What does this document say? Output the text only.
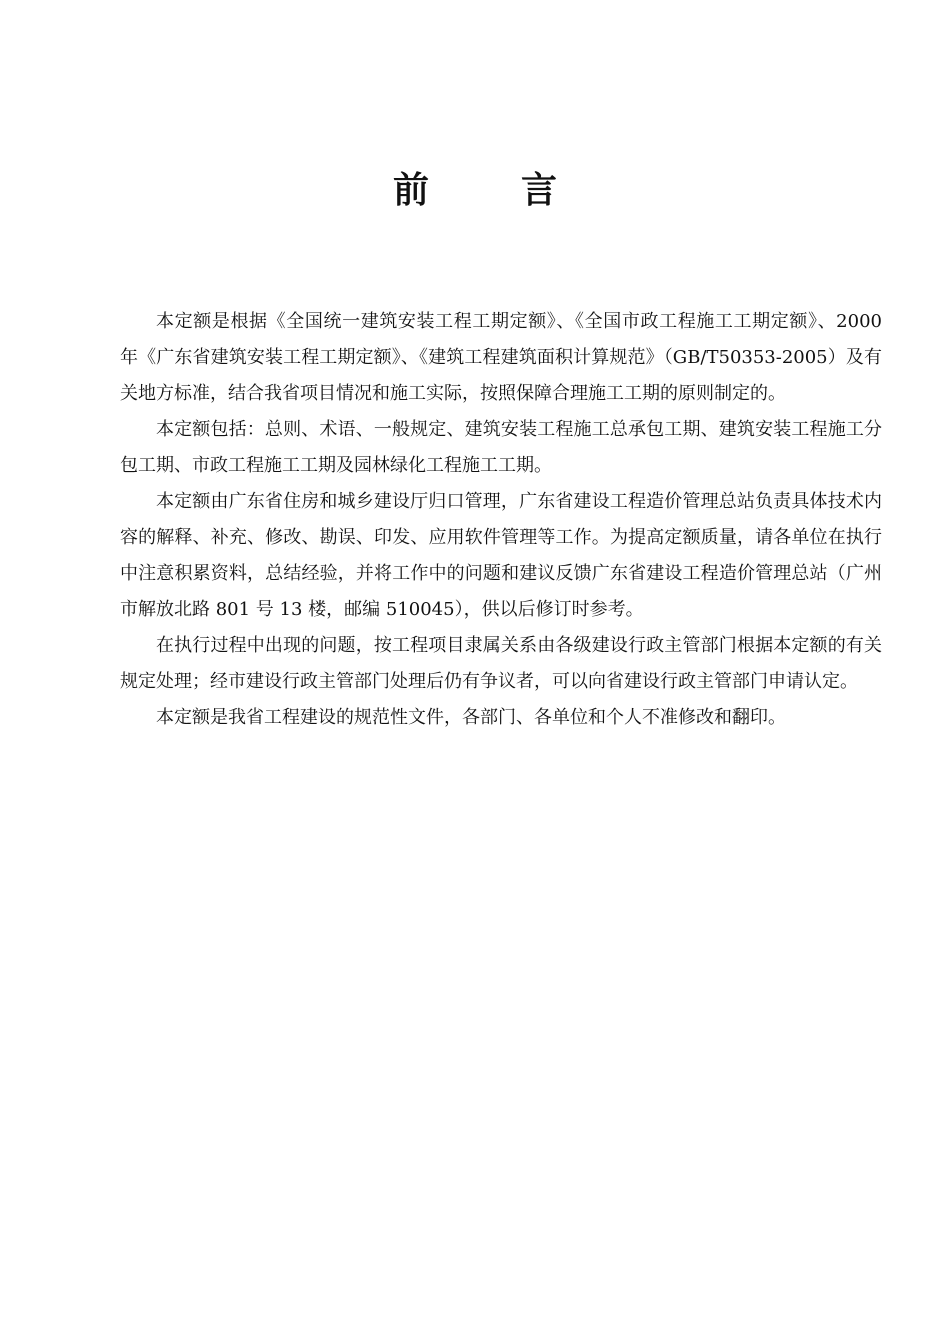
前	言

本定额是根据《全国统一建筑安装工程工期定额》、《全国市政工程施工工期定额》、2000 年《广东省建筑安装工程工期定额》、《建筑工程建筑面积计算规范》（GB/T50353-2005）及有关地方标准，结合我省项目情况和施工实际，按照保障合理施工工期的原则制定的。

本定额包括：总则、术语、一般规定、建筑安装工程施工总承包工期、建筑安装工程施工分包工期、市政工程施工工期及园林绿化工程施工工期。

本定额由广东省住房和城乡建设厅归口管理，广东省建设工程造价管理总站负责具体技术内容的解释、补充、修改、勘误、印发、应用软件管理等工作。为提高定额质量，请各单位在执行中注意积累资料，总结经验，并将工作中的问题和建议反馈广东省建设工程造价管理总站（广州市解放北路 801 号 13 楼，邮编 510045），供以后修订时参考。

在执行过程中出现的问题，按工程项目隶属关系由各级建设行政主管部门根据本定额的有关规定处理；经市建设行政主管部门处理后仍有争议者，可以向省建设行政主管部门申请认定。

本定额是我省工程建设的规范性文件，各部门、各单位和个人不准修改和翻印。
